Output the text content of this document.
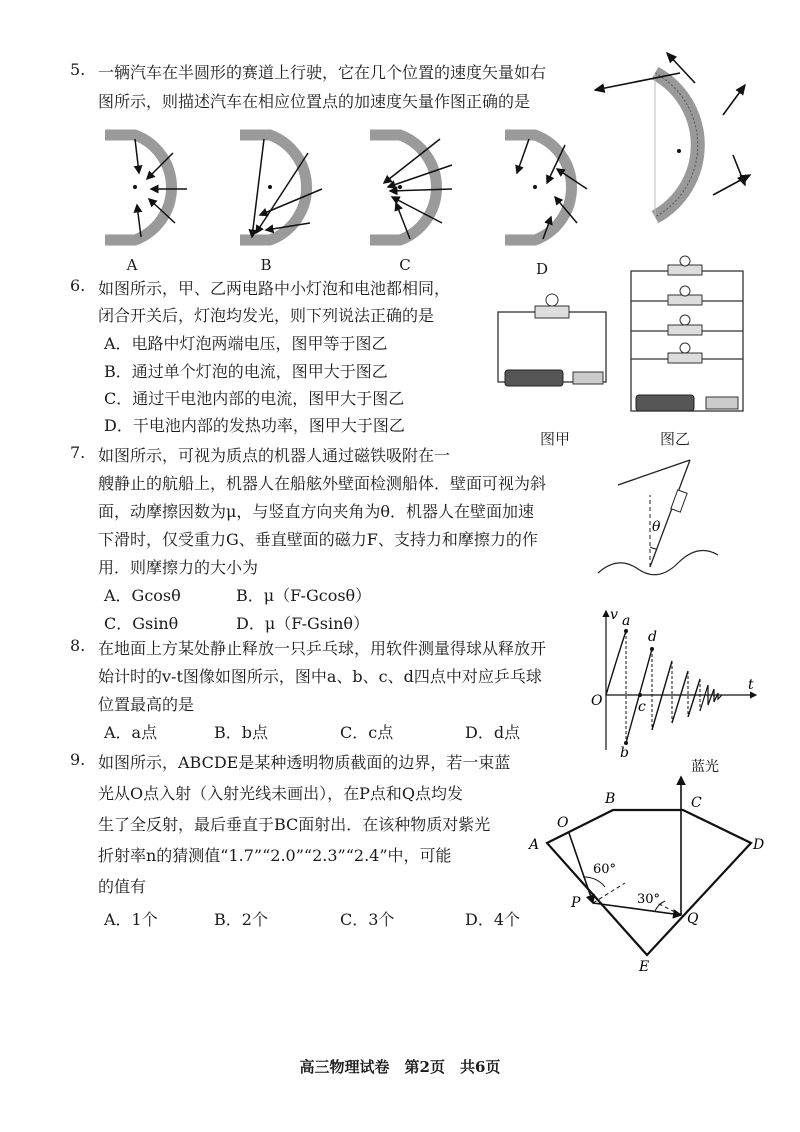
5. 一辆汽车在半圆形的赛道上行驶，它在几个位置的速度矢量如右
图所示，则描述汽车在相应位置点的加速度矢量作图正确的是
A	B	C	D
6. 如图所示，甲、乙两电路中小灯泡和电池都相同，
闭合开关后，灯泡均发光，则下列说法正确的是
A．电路中灯泡两端电压，图甲等于图乙
B．通过单个灯泡的电流，图甲大于图乙
C．通过干电池内部的电流，图甲大于图乙
D．干电池内部的发热功率，图甲大于图乙
图甲	图乙
7. 如图所示，可视为质点的机器人通过磁铁吸附在一
艘静止的航船上，机器人在船舷外壁面检测船体．壁面可视为斜
面，动摩擦因数为μ，与竖直方向夹角为θ．机器人在壁面加速
下滑时，仅受重力G、垂直壁面的磁力F、支持力和摩擦力的作
用．则摩擦力的大小为
A．Gcosθ	B．μ（F-Gcosθ）
C．Gsinθ	D．μ（F-Gsinθ）
θ
8. 在地面上方某处静止释放一只乒乓球，用软件测量得球从释放开
始计时的v-t图像如图所示，图中a、b、c、d四点中对应乒乓球
位置最高的是
A．a点	B．b点	C．c点	D．d点
v
t
O
a
b
c
d
9. 如图所示，ABCDE是某种透明物质截面的边界，若一束蓝
光从O点入射（入射光线未画出），在P点和Q点均发
生了全反射，最后垂直于BC面射出．在该种物质对紫光
折射率n的猜测值“1.7”“2.0”“2.3”“2.4”中，可能
的值有
A．1个	B．2个	C．3个	D．4个
蓝光
A
B	C
D
E
O
P
Q
60°
30°
高三物理试卷　第2页　共6页
